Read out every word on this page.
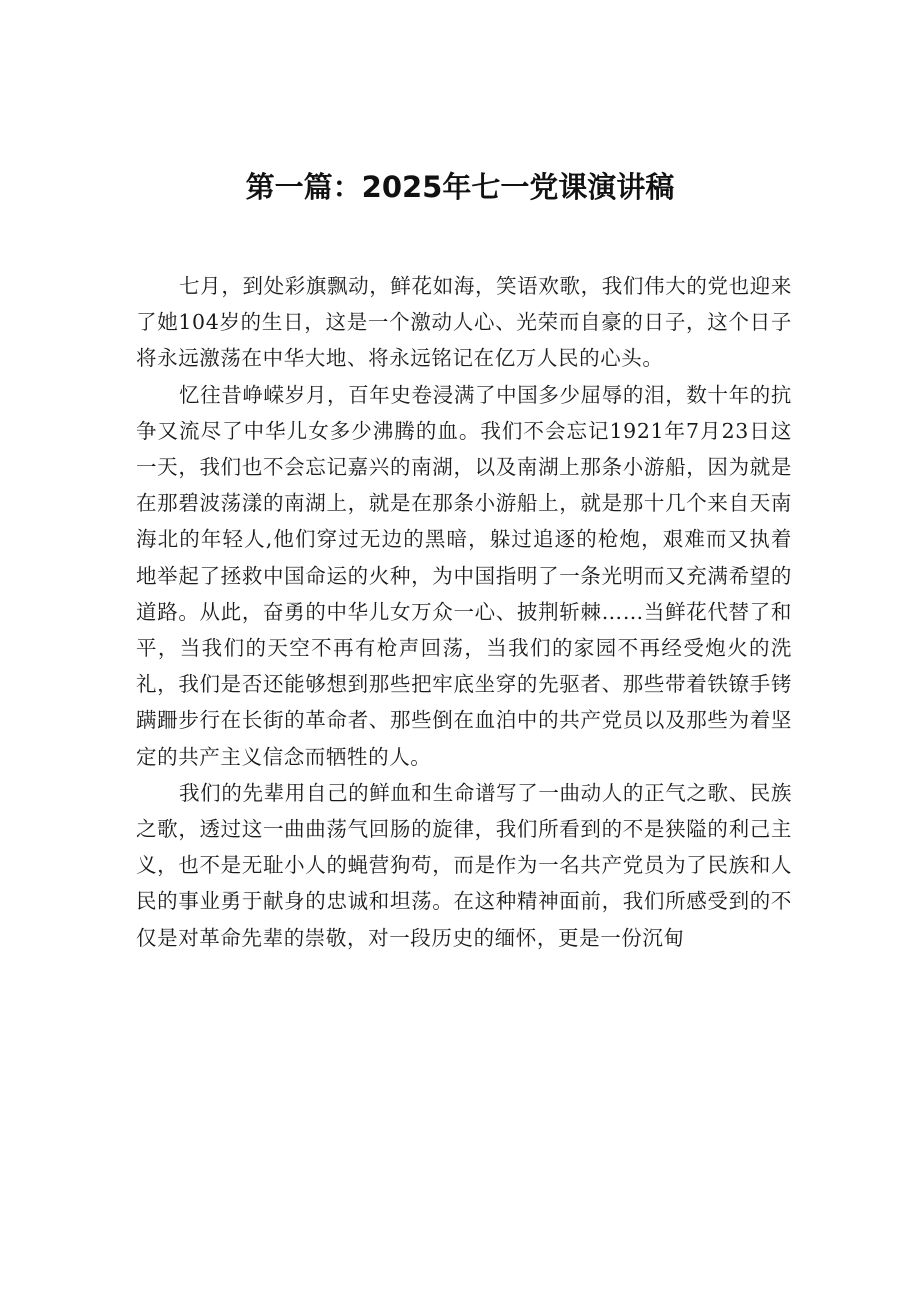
第一篇：2025年七一党课演讲稿

七月，到处彩旗飘动，鲜花如海，笑语欢歌，我们伟大的党也迎来了她104岁的生日，这是一个激动人心、光荣而自豪的日子，这个日子将永远激荡在中华大地、将永远铭记在亿万人民的心头。

忆往昔峥嵘岁月，百年史卷浸满了中国多少屈辱的泪，数十年的抗争又流尽了中华儿女多少沸腾的血。我们不会忘记1921年7月23日这一天，我们也不会忘记嘉兴的南湖，以及南湖上那条小游船，因为就是在那碧波荡漾的南湖上，就是在那条小游船上，就是那十几个来自天南海北的年轻人,他们穿过无边的黑暗，躲过追逐的枪炮，艰难而又执着地举起了拯救中国命运的火种，为中国指明了一条光明而又充满希望的道路。从此，奋勇的中华儿女万众一心、披荆斩棘……当鲜花代替了和平，当我们的天空不再有枪声回荡，当我们的家园不再经受炮火的洗礼，我们是否还能够想到那些把牢底坐穿的先驱者、那些带着铁镣手铐蹒跚步行在长街的革命者、那些倒在血泊中的共产党员以及那些为着坚定的共产主义信念而牺牲的人。

我们的先辈用自己的鲜血和生命谱写了一曲动人的正气之歌、民族之歌，透过这一曲曲荡气回肠的旋律，我们所看到的不是狭隘的利己主义，也不是无耻小人的蝇营狗苟，而是作为一名共产党员为了民族和人民的事业勇于献身的忠诚和坦荡。在这种精神面前，我们所感受到的不仅是对革命先辈的崇敬，对一段历史的缅怀，更是一份沉甸
